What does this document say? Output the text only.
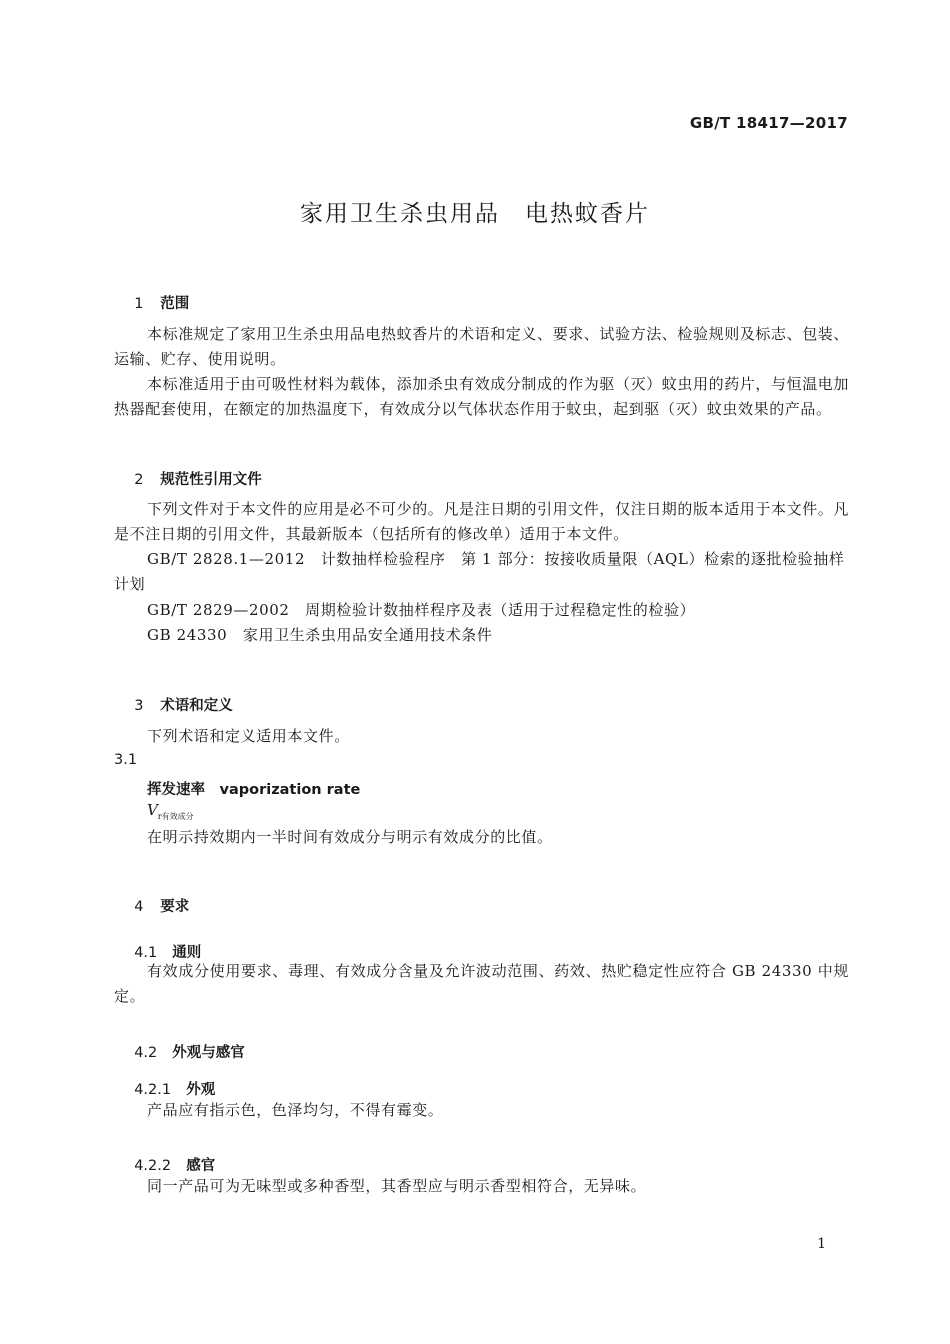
GB/T 18417—2017
家用卫生杀虫用品　电热蚊香片

1 范围

本标准规定了家用卫生杀虫用品电热蚊香片的术语和定义、要求、试验方法、检验规则及标志、包装、运输、贮存、使用说明。
本标准适用于由可吸性材料为载体，添加杀虫有效成分制成的作为驱（灭）蚊虫用的药片，与恒温电加热器配套使用，在额定的加热温度下，有效成分以气体状态作用于蚊虫，起到驱（灭）蚊虫效果的产品。

2 规范性引用文件

下列文件对于本文件的应用是必不可少的。凡是注日期的引用文件，仅注日期的版本适用于本文件。凡是不注日期的引用文件，其最新版本（包括所有的修改单）适用于本文件。
GB/T 2828.1—2012　计数抽样检验程序　第 1 部分：按接收质量限（AQL）检索的逐批检验抽样计划
GB/T 2829—2002　周期检验计数抽样程序及表（适用于过程稳定性的检验）
GB 24330　家用卫生杀虫用品安全通用技术条件

3 术语和定义

下列术语和定义适用本文件。
3.1
挥发速率　vaporization rate
$V_{r有效成分}$
在明示持效期内一半时间有效成分与明示有效成分的比值。

4 要求

4.1 通则

有效成分使用要求、毒理、有效成分含量及允许波动范围、药效、热贮稳定性应符合 GB 24330 中规定。

4.2 外观与感官

4.2.1 外观

产品应有指示色，色泽均匀，不得有霉变。

4.2.2 感官

同一产品可为无味型或多种香型，其香型应与明示香型相符合，无异味。
1
